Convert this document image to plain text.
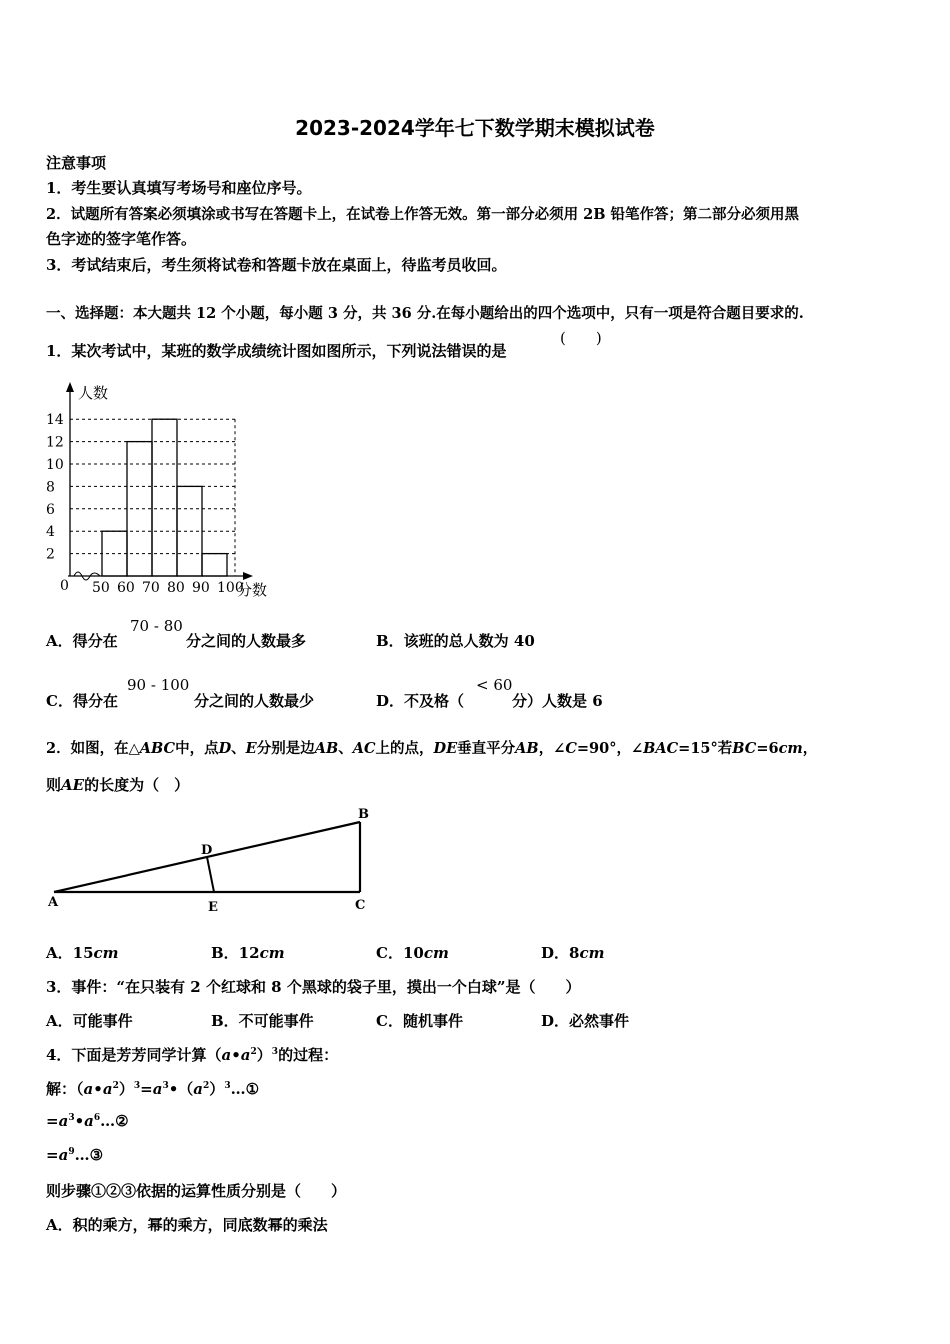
2023-2024学年七下数学期末模拟试卷
注意事项
1．考生要认真填写考场号和座位序号。
2．试题所有答案必须填涂或书写在答题卡上，在试卷上作答无效。第一部分必须用 2B 铅笔作答；第二部分必须用黑
色字迹的签字笔作答。
3．考试结束后，考生须将试卷和答题卡放在桌面上，待监考员收回。
一、选择题：本大题共 12 个小题，每小题 3 分，共 36 分.在每小题给出的四个选项中，只有一项是符合题目要求的.
1．某次考试中，某班的数学成绩统计图如图所示，下列说法错误的是
(　　)
2
4
6
8
10
12
14
50 60 70 80 90 100
0
人数
分数
A．得分在
70 - 80
分之间的人数最多	B．该班的总人数为 40
C．得分在
90 - 100
分之间的人数最少	D．不及格（
< 60
分）人数是 6
2．如图，在△ABC中，点D、E分别是边AB、AC上的点，DE垂直平分AB，∠C=90°，∠BAC=15°若BC=6cm，
则AE的长度为（　）
A
B
C
D
E
A．15cm	B．12cm	C．10cm	D．8cm
3．事件：“在只装有 2 个红球和 8 个黑球的袋子里，摸出一个白球”是（　　）
A．可能事件	B．不可能事件	C．随机事件	D．必然事件
4．下面是芳芳同学计算$(a•a^2)^3$的过程：
解：$(a•a^2)^3=a^3•(a^2)^3\dots ①$
$=a^3•a^6\dots ②$
$=a^9\dots ③$
则步骤①②③依据的运算性质分别是（　　）
A．积的乘方，幂的乘方，同底数幂的乘法
